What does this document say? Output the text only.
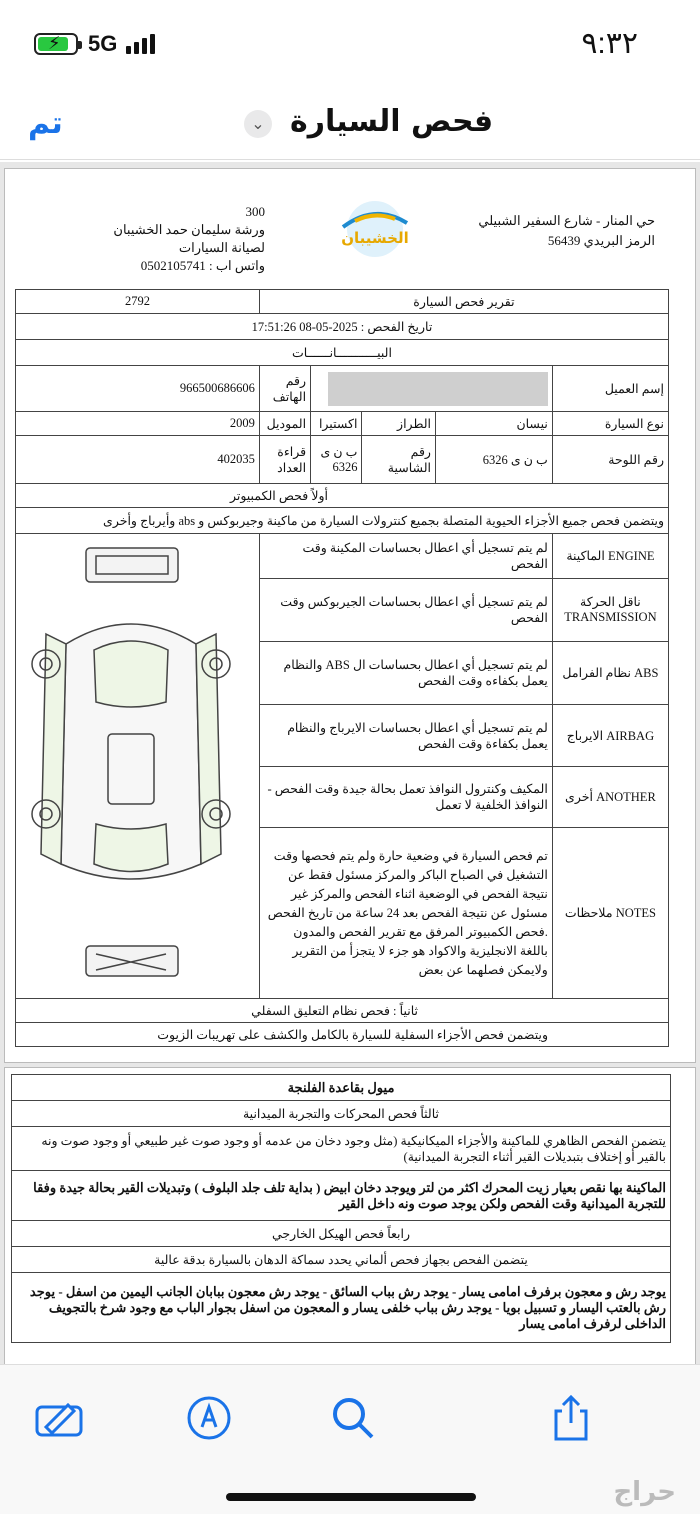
⚡ 5G	٩:٣٢
تم	⌄ فحص السيارة
300
ورشة سليمان حمد الخشيبان لصيانة السيارات
واتس اب : 0502105741
الخشيبان
حي المنار - شارع السفير الشبيلي
الرمز البريدي 56439
2792	تقرير فحص السيارة				
تاريخ الفحص : 2025-05-08 17:51:26					
البيـــــــــــانــــــات					
966500686606	رقم الهاتف				إسم العميل
2009	الموديل	اكستيرا	الطراز	نيسان	نوع السيارة
402035	قراءة العداد	ب ن ى 6326	رقم الشاسية	ب ن ى 6326	رقم اللوحة
أولاً فحص الكمبيوتر					
ويتضمن فحص جميع الأجزاء الحيوية المتصلة بجميع كنترولات السيارة من ماكينة وجيربوكس و abs وأيرباج وأخرى					
	لم يتم تسجيل أي اعطال بحساسات المكينة وقت الفحص				الماكينة ENGINE
	لم يتم تسجيل أي اعطال بحساسات الجيربوكس وقت الفحص				ناقل الحركة TRANSMISSION
	لم يتم تسجيل أي اعطال بحساسات ال ABS والنظام يعمل بكفاءه وقت الفحص				نظام الفرامل ABS
	لم يتم تسجيل أي اعطال بحساسات الايرباج والنظام يعمل بكفاءة وقت الفحص				الايرباج AIRBAG
	المكيف وكنترول النوافذ تعمل بحالة جيدة وقت الفحص - النوافذ الخلفية لا تعمل				أخرى ANOTHER
	تم فحص السيارة في وضعية حارة ولم يتم فحصها وقت التشغيل في الصباح الباكر والمركز مسئول فقط عن نتيجة الفحص في الوضعية اثناء الفحص والمركز غير مسئول عن نتيجة الفحص بعد 24 ساعة من تاريخ الفحص .فحص الكمبيوتر المرفق مع تقرير الفحص والمدون باللغة الانجليزية والاكواد هو جزء لا يتجزأ من التقرير ولايمكن فصلهما عن بعض				ملاحظات NOTES
ثانياً : فحص نظام التعليق السفلي					
ويتضمن فحص الأجزاء السفلية للسيارة بالكامل والكشف على تهريبات الزيوت					
ميول بقاعدة الفلنجة
ثالثاً فحص المحركات والتجربة الميدانية
يتضمن الفحص الظاهري للماكينة والأجزاء الميكانيكية (مثل وجود دخان من عدمه أو وجود صوت غير طبيعي أو وجود صوت ونه بالقير أو إختلاف بتبديلات القير أثناء التجربة الميدانية)
الماكينة بها نقص بعيار زيت المحرك اكثر من لتر ويوجد دخان ابيض ( بداية تلف جلد البلوف ) وتبديلات القير بحالة جيدة وفقا للتجربة الميدانية وقت الفحص ولكن يوجد صوت ونه داخل القير
رابعاً فحص الهيكل الخارجي
يتضمن الفحص بجهاز فحص ألماني يحدد سماكة الدهان بالسيارة بدقة عالية
يوجد رش و معجون برفرف امامى يسار - يوجد رش بباب السائق - يوجد رش معجون ببابان الجانب اليمين من اسفل - يوجد رش بالعتب اليسار و تسبيل بويا - يوجد رش بباب خلفى يسار و المعجون من اسفل بجوار الباب مع وجود شرخ بالتجويف الداخلى لرفرف امامى يسار
حراج
